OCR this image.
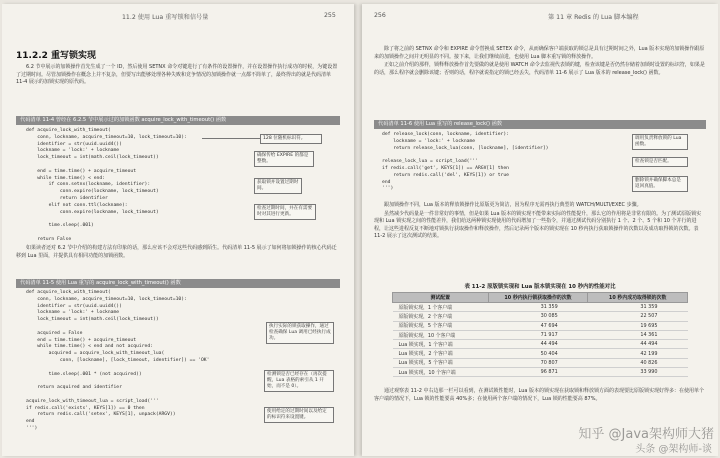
11.2 使用 Lua 重写锁和信号量	255
11.2.2 重写锁实现

6.2 节中展示的加锁操作首先生成了一个 ID，然后使用 SETNX 命令对键进行了有条件的设置操作，并在设置操作执行成功的时候，为键设置了过期时间。尽管加锁操作在概念上并不复杂，但要写出能够处理各种失败和竞争情况的加锁操作就一点都不简单了，最终得出的就是代码清单 11-4 展示的加锁实现的原代码。

代码清单 11-4 曾经在 6.2.5 节中展示过的加锁函数 acquire_lock_with_timeout() 函数
def acquire_lock_with_timeout(
conn, lockname, acquire_timeout=10, lock_timeout=10):
identifier = str(uuid.uuid4())
lockname = 'lock:' + lockname
lock_timeout = int(math.ceil(lock_timeout))

end = time.time() + acquire_timeout
while time.time() < end:
if conn.setnx(lockname, identifier):
conn.expire(lockname, lock_timeout)
return identifier
elif not conn.ttl(lockname):
conn.expire(lockname, lock_timeout)

time.sleep(.001)

return False
128 位随机标识符。
确保传给 EXPIRE 的都是整数。
获取锁并设置过期时间。
检查过期时间，并在有需要时对其进行更新。

如果读者还对 6.2 节中介绍的构建方法有印象的话，那么应该不会对这些代码感到陌生。代码清单 11-5 展示了如何将加锁操作的核心代码迁移到 Lua 里面，并提供具有相同功能的加锁函数。

代码清单 11-5 使用 Lua 重写的 acquire_lock_with_timeout() 函数
def acquire_lock_with_timeout(
conn, lockname, acquire_timeout=10, lock_timeout=10):
identifier = str(uuid.uuid4())
lockname = 'lock:' + lockname
lock_timeout = int(math.ceil(lock_timeout))

acquired = False
end = time.time() + acquire_timeout
while time.time() < end and not acquired:
acquired = acquire_lock_with_timeout_lua(
conn, [lockname], [lock_timeout, identifier]) == 'OK'

time.sleep(.001 * (not acquired))

return acquired and identifier

acquire_lock_with_timeout_lua = script_load('''
if redis.call('exists', KEYS[1]) == 0 then
return redis.call('setex', KEYS[1], unpack(ARGV))
end
''')
执行实际的锁获取操作，通过检查确保 Lua 调用已经执行成功。
检测锁是否已经存在（再次提醒，Lua 表格的索引从 1 开始，而不是 0）。
使用给定的过期时间以及给定的标识符来设置键。
256	第 11 章 Redis 的 Lua 脚本编程

除了将之前的 SETNX 命令和 EXPIRE 命令替换成 SETEX 命令，从而确保客户端获取的锁总是具有过期时间之外，Lua 版本实现的加锁操作跟原来的加锁操作之间并无明显的不同。接下来，让我们继续前进，也使用 Lua 脚本重写锁的释放操作。

正如之前介绍的那样，锁释释放操作首先要做的就是使用 WATCH 命令去监视代表锁的键，检查该键是否仍然存储着加锁时设置的标识符，如果是的话，那么程序就会删除该键；否则的话，程序就说指定的锁已经丢失，代码清单 11-6 展示了 Lua 版本的 release_lock() 函数。

代码清单 11-6 使用 Lua 重写的 release_lock() 函数
def release_lock(conn, lockname, identifier):
lockname = 'lock:' + lockname
return release_lock_lua(conn, [lockname], [identifier])

release_lock_lua = script_load('''
if redis.call('get', KEYS[1]) == ARGV[1] then
return redis.call('del', KEYS[1]) or true
end
''')
调用负责释放锁的 Lua 函数。
检查锁是否匹配。
删除锁并确保脚本总是返回真值。

跟加锁操作不同，Lua 版本的释放锁操作比原版更为简洁，因为程序无需再执行典型的 WATCH/MULTI/EXEC 步骤。

虽然减少代码量是一件非常好的事情，但是如果 Lua 版本的锁实现不能带来实际的性能提升，那么它的作用将是非常有限的。为了测试原版锁实现和 Lua 锁实现之间的性能差异，我们给这两种锁实现使用的代码增加了一些指令，并通过测试代码分别执行 1 个、2 个、5 个和 10 个并行的进程，让这些进程反复不断地对锁执行获取操作和释放操作，然后记录两个版本的锁实现在 10 秒内执行获取锁操作的次数以及成功取得锁的次数。表 11-2 展示了这次测试的结果。

表 11-2 原版锁实现和 Lua 版本锁实现在 10 秒内的性能对比
测试配置	10 秒内执行锁获取操作的次数	10 秒内成功取得锁的次数
原版锁实现，1 个客户端	31 359	31 359
原版锁实现，2 个客户端	30 085	22 507
原版锁实现，5 个客户端	47 694	19 695
原版锁实现，10 个客户端	71 917	14 361
Lua 锁实现，1 个客户端	44 494	44 494
Lua 锁实现，2 个客户端	50 404	42 199
Lua 锁实现，5 个客户端	70 807	40 826
Lua 锁实现，10 个客户端	96 871	33 990

通过观察表 11-2 中右边那一栏可以看到，在测试锁性能时，Lua 版本的锁实现在获取锁和释放锁方面的表现要比原版锁实现好得多：在使用单个客户端的情况下，Lua 锁的性能要高 40%多；在使用两个客户端的情况下，Lua 锁的性能要高 87%。

知乎 @Java架构师大猪
头条 @架构师-谈
